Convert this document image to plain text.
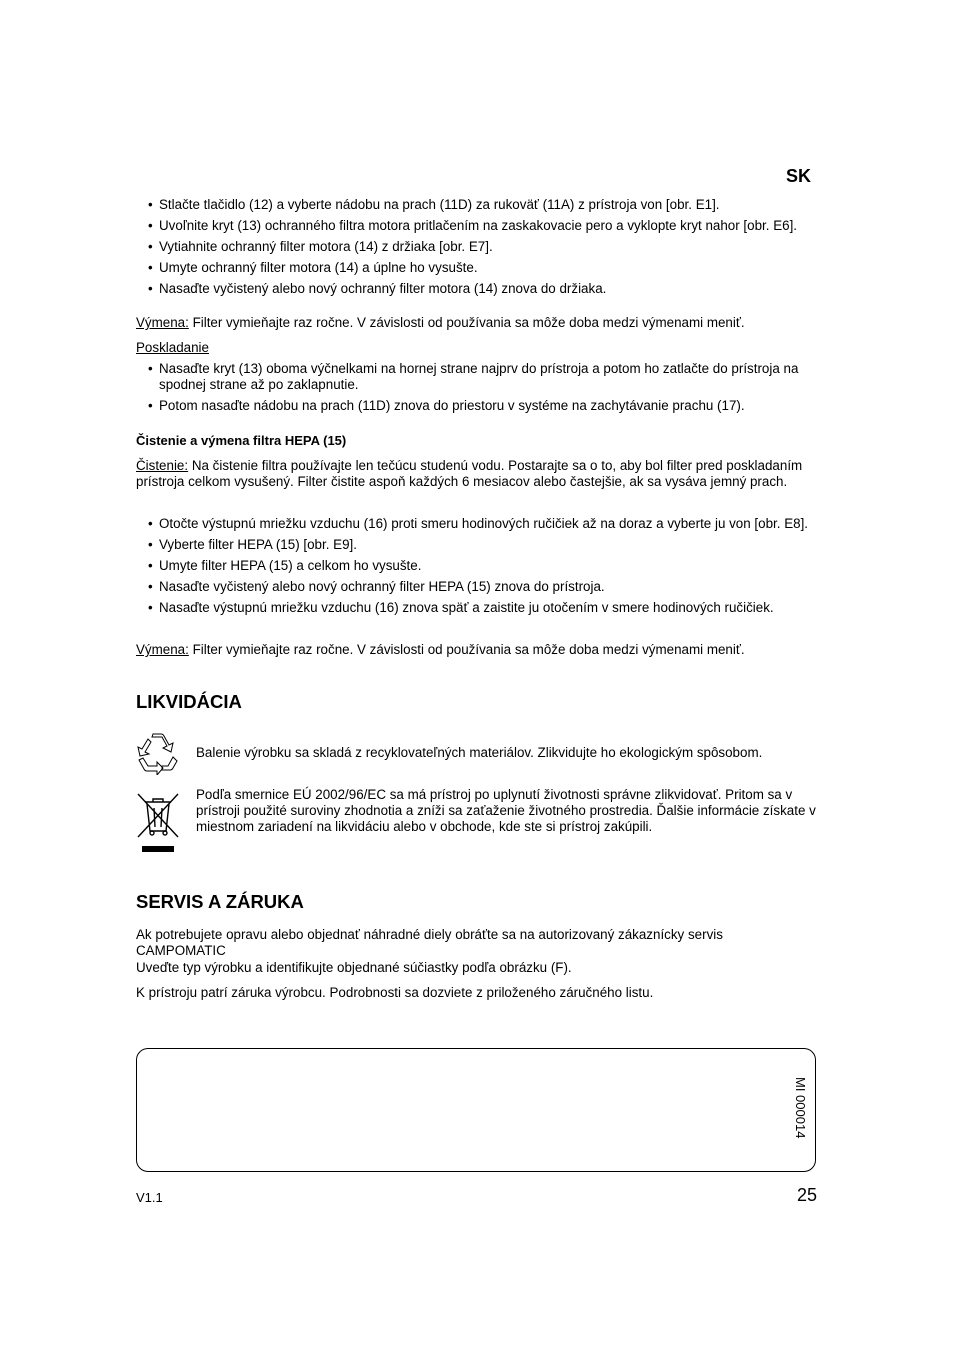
SK
• Stlačte tlačidlo (12) a vyberte nádobu na prach (11D) za rukoväť (11A) z prístroja von [obr. E1].
• Uvoľnite kryt (13) ochranného filtra motora pritlačením na zaskakovacie pero a vyklopte kryt nahor [obr. E6].
• Vytiahnite ochranný filter motora (14) z držiaka [obr. E7].
• Umyte ochranný filter motora (14) a úplne ho vysušte.
• Nasaďte vyčistený alebo nový ochranný filter motora (14) znova do držiaka.
Výmena: Filter vymieňajte raz ročne. V závislosti od používania sa môže doba medzi výmenami meniť.
Poskladanie
• Nasaďte kryt (13) oboma výčnelkami na hornej strane najprv do prístroja a potom ho zatlačte do prístroja na spodnej strane až po zaklapnutie.
• Potom nasaďte nádobu na prach (11D) znova do priestoru v systéme na zachytávanie prachu (17).
Čistenie a výmena filtra HEPA (15)
Čistenie: Na čistenie filtra používajte len tečúcu studenú vodu. Postarajte sa o to, aby bol filter pred poskladaním prístroja celkom vysušený. Filter čistite aspoň každých 6 mesiacov alebo častejšie, ak sa vysáva jemný prach.
• Otočte výstupnú mriežku vzduchu (16) proti smeru hodinových ručičiek až na doraz a vyberte ju von [obr. E8].
• Vyberte filter HEPA (15) [obr. E9].
• Umyte filter HEPA (15) a celkom ho vysušte.
• Nasaďte vyčistený alebo nový ochranný filter HEPA (15) znova do prístroja.
• Nasaďte výstupnú mriežku vzduchu (16) znova späť a zaistite ju otočením v smere hodinových ručičiek.
Výmena: Filter vymieňajte raz ročne. V závislosti od používania sa môže doba medzi výmenami meniť.
LIKVIDÁCIA
Balenie výrobku sa skladá z recyklovateľných materiálov. Zlikvidujte ho ekologickým spôsobom.
Podľa smernice EÚ 2002/96/EC sa má prístroj po uplynutí životnosti správne zlikvidovať. Pritom sa v prístroji použité suroviny zhodnotia a zníži sa zaťaženie životného prostredia. Ďalšie informácie získate v miestnom zariadení na likvidáciu alebo v obchode, kde ste si prístroj zakúpili.
SERVIS A ZÁRUKA
Ak potrebujete opravu alebo objednať náhradné diely obráťte sa na autorizovaný zákaznícky servis CAMPOMATIC
Uveďte typ výrobku a identifikujte objednané súčiastky podľa obrázku (F).
K prístroju patrí záruka výrobcu. Podrobnosti sa dozviete z priloženého záručného listu.
MI 000014
V1.1	25
